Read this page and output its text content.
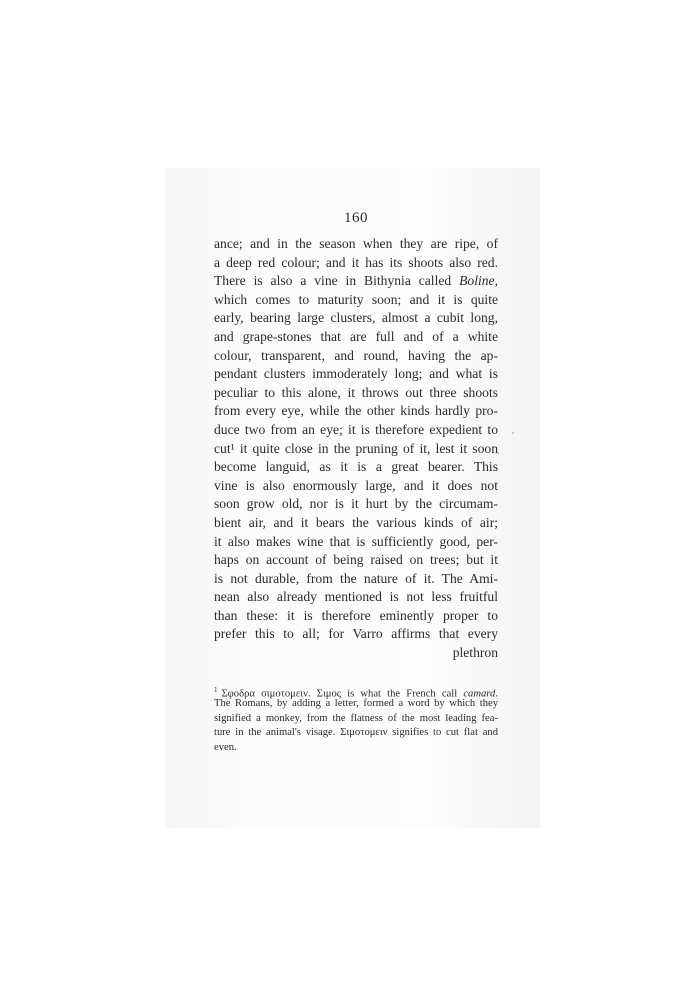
160
ance; and in the season when they are ripe, of
a deep red colour; and it has its shoots also red.
There is also a vine in Bithynia called Boline,
which comes to maturity soon; and it is quite
early, bearing large clusters, almost a cubit long,
and grape-stones that are full and of a white
colour, transparent, and round, having the ap-
pendant clusters immoderately long; and what is
peculiar to this alone, it throws out three shoots
from every eye, while the other kinds hardly pro-
duce two from an eye; it is therefore expedient to
cut¹ it quite close in the pruning of it, lest it soon
become languid, as it is a great bearer. This
vine is also enormously large, and it does not
soon grow old, nor is it hurt by the circumam-
bient air, and it bears the various kinds of air;
it also makes wine that is sufficiently good, per-
haps on account of being raised on trees; but it
is not durable, from the nature of it. The Ami-
nean also already mentioned is not less fruitful
than these: it is therefore eminently proper to
prefer this to all; for Varro affirms that every
plethron
$^1$ Σφοδρα σιμοτομειν. Σιμος is what the French call camard.
The Romans, by adding a letter, formed a word by which they
signified a monkey, from the flatness of the most leading fea-
ture in the animal's visage. Σιμοτομειν signifies to cut flat and
even.
